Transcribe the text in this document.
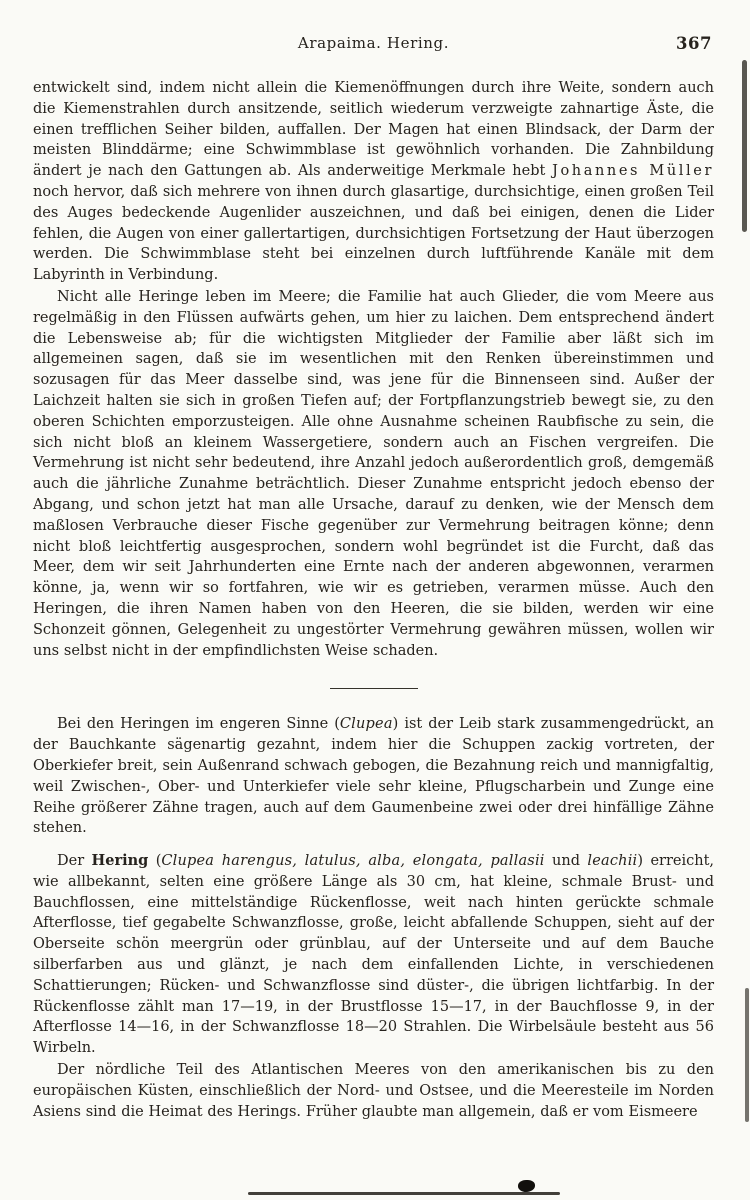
Arapaima. Hering.	367

entwickelt sind, indem nicht allein die Kiemenöffnungen durch ihre Weite, sondern auch die Kiemenstrahlen durch ansitzende, seitlich wiederum verzweigte zahnartige Äste, die einen trefflichen Seiher bilden, auffallen. Der Magen hat einen Blindsack, der Darm der meisten Blinddärme; eine Schwimmblase ist gewöhnlich vorhanden. Die Zahnbildung ändert je nach den Gattungen ab. Als anderweitige Merkmale hebt Johannes Müller noch hervor, daß sich mehrere von ihnen durch glasartige, durchsichtige, einen großen Teil des Auges bedeckende Augenlider auszeichnen, und daß bei einigen, denen die Lider fehlen, die Augen von einer gallertartigen, durchsichtigen Fortsetzung der Haut überzogen werden. Die Schwimmblase steht bei einzelnen durch luftführende Kanäle mit dem Labyrinth in Verbindung.

Nicht alle Heringe leben im Meere; die Familie hat auch Glieder, die vom Meere aus regelmäßig in den Flüssen aufwärts gehen, um hier zu laichen. Dem entsprechend ändert die Lebensweise ab; für die wichtigsten Mitglieder der Familie aber läßt sich im allgemeinen sagen, daß sie im wesentlichen mit den Renken übereinstimmen und sozusagen für das Meer dasselbe sind, was jene für die Binnenseen sind. Außer der Laichzeit halten sie sich in großen Tiefen auf; der Fortpflanzungstrieb bewegt sie, zu den oberen Schichten emporzusteigen. Alle ohne Ausnahme scheinen Raubfische zu sein, die sich nicht bloß an kleinem Wassergetiere, sondern auch an Fischen vergreifen. Die Vermehrung ist nicht sehr bedeutend, ihre Anzahl jedoch außerordentlich groß, demgemäß auch die jährliche Zunahme beträchtlich. Dieser Zunahme entspricht jedoch ebenso der Abgang, und schon jetzt hat man alle Ursache, darauf zu denken, wie der Mensch dem maßlosen Verbrauche dieser Fische gegenüber zur Vermehrung beitragen könne; denn nicht bloß leichtfertig ausgesprochen, sondern wohl begründet ist die Furcht, daß das Meer, dem wir seit Jahrhunderten eine Ernte nach der anderen abgewonnen, verarmen könne, ja, wenn wir so fortfahren, wie wir es getrieben, verarmen müsse. Auch den Heringen, die ihren Namen haben von den Heeren, die sie bilden, werden wir eine Schonzeit gönnen, Gelegenheit zu ungestörter Vermehrung gewähren müssen, wollen wir uns selbst nicht in der empfindlichsten Weise schaden.

Bei den Heringen im engeren Sinne (Clupea) ist der Leib stark zusammengedrückt, an der Bauchkante sägenartig gezahnt, indem hier die Schuppen zackig vortreten, der Oberkiefer breit, sein Außenrand schwach gebogen, die Bezahnung reich und mannigfaltig, weil Zwischen-, Ober- und Unterkiefer viele sehr kleine, Pflugscharbein und Zunge eine Reihe größerer Zähne tragen, auch auf dem Gaumenbeine zwei oder drei hinfällige Zähne stehen.

Der Hering (Clupea harengus, latulus, alba, elongata, pallasii und leachii) erreicht, wie allbekannt, selten eine größere Länge als 30 cm, hat kleine, schmale Brust- und Bauchflossen, eine mittelständige Rückenflosse, weit nach hinten gerückte schmale Afterflosse, tief gegabelte Schwanzflosse, große, leicht abfallende Schuppen, sieht auf der Oberseite schön meergrün oder grünblau, auf der Unterseite und auf dem Bauche silberfarben aus und glänzt, je nach dem einfallenden Lichte, in verschiedenen Schattierungen; Rücken- und Schwanzflosse sind düster-, die übrigen lichtfarbig. In der Rückenflosse zählt man 17—19, in der Brustflosse 15—17, in der Bauchflosse 9, in der Afterflosse 14—16, in der Schwanzflosse 18—20 Strahlen. Die Wirbelsäule besteht aus 56 Wirbeln.

Der nördliche Teil des Atlantischen Meeres von den amerikanischen bis zu den europäischen Küsten, einschließlich der Nord- und Ostsee, und die Meeresteile im Norden Asiens sind die Heimat des Herings. Früher glaubte man allgemein, daß er vom Eismeere
